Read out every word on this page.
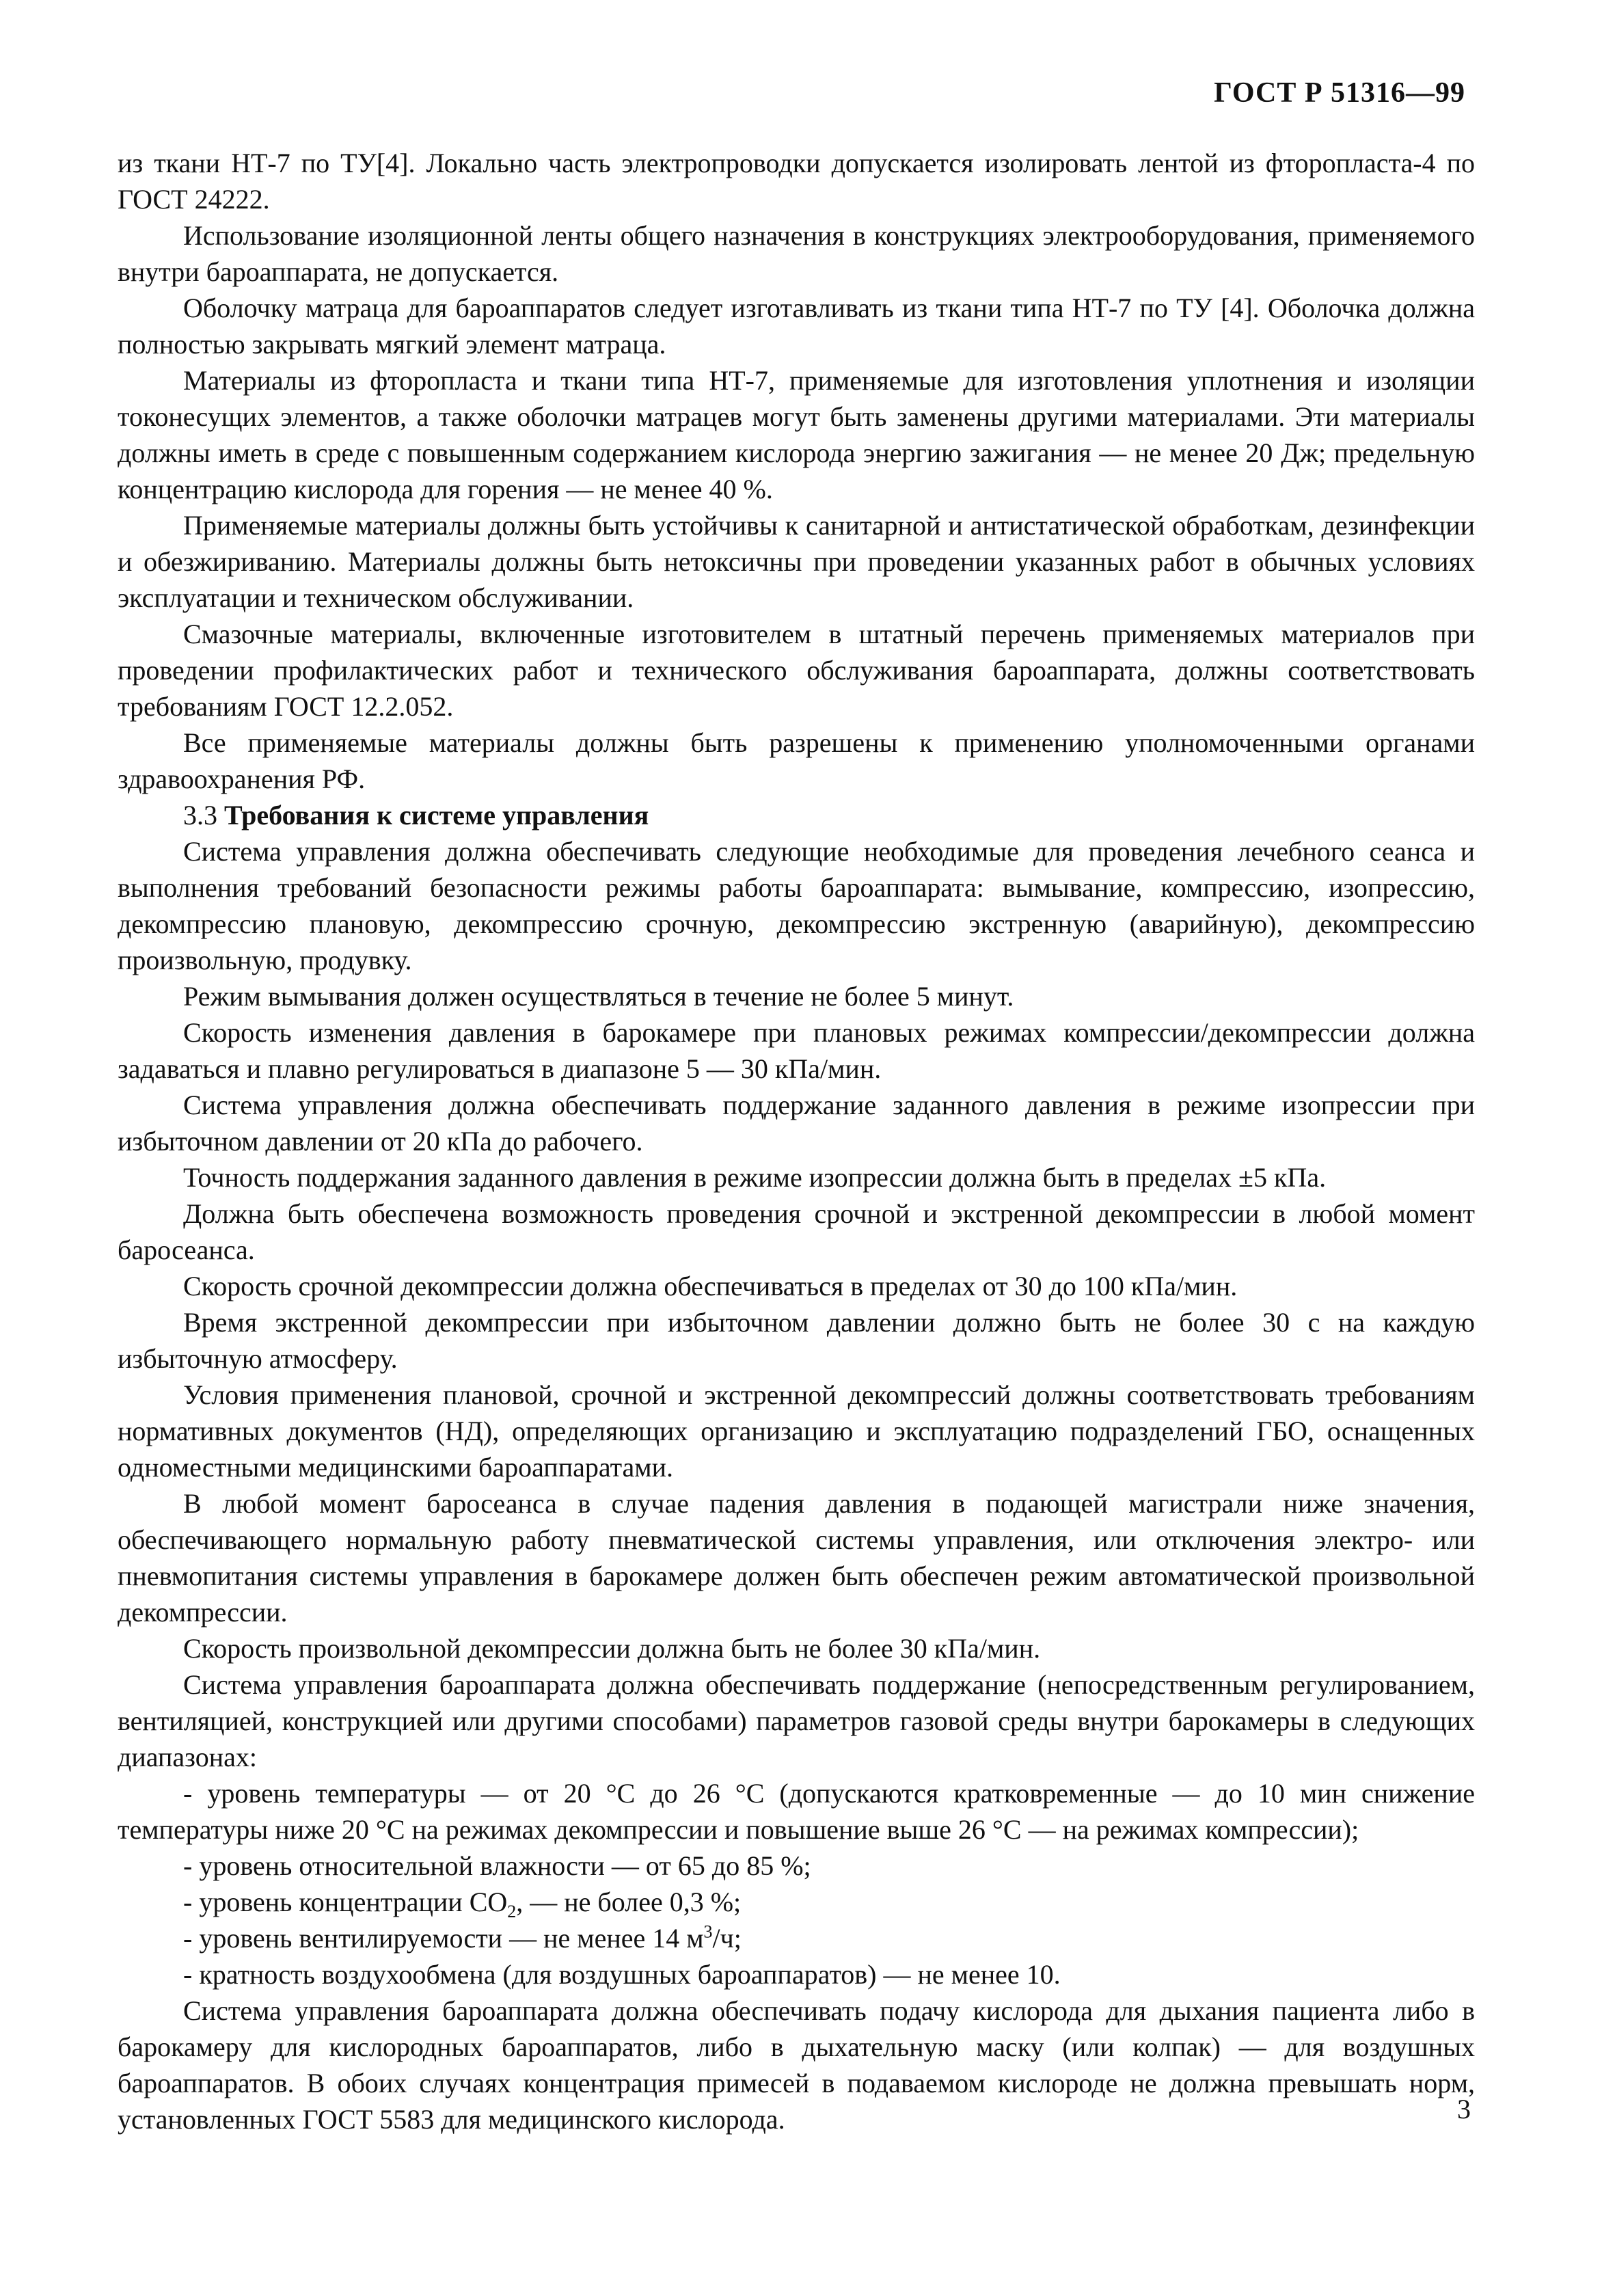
ГОСТ Р 51316—99

из ткани НТ-7 по ТУ[4]. Локально часть электропроводки допускается изолировать лентой из фторопласта-4 по ГОСТ 24222.

Использование изоляционной ленты общего назначения в конструкциях электрооборудования, применяемого внутри бароаппарата, не допускается.

Оболочку матраца для бароаппаратов следует изготавливать из ткани типа НТ-7 по ТУ [4]. Оболочка должна полностью закрывать мягкий элемент матраца.

Материалы из фторопласта и ткани типа НТ-7, применяемые для изготовления уплотнения и изоляции токонесущих элементов, а также оболочки матрацев могут быть заменены другими материалами. Эти материалы должны иметь в среде с повышенным содержанием кислорода энергию зажигания — не менее 20 Дж; предельную концентрацию кислорода для горения — не менее 40 %.

Применяемые материалы должны быть устойчивы к санитарной и антистатической обработкам, дезинфекции и обезжириванию. Материалы должны быть нетоксичны при проведении указанных работ в обычных условиях эксплуатации и техническом обслуживании.

Смазочные материалы, включенные изготовителем в штатный перечень применяемых материалов при проведении профилактических работ и технического обслуживания бароаппарата, должны соответствовать требованиям ГОСТ 12.2.052.

Все применяемые материалы должны быть разрешены к применению уполномоченными органами здравоохранения РФ.

3.3 Требования к системе управления

Система управления должна обеспечивать следующие необходимые для проведения лечебного сеанса и выполнения требований безопасности режимы работы бароаппарата: вымывание, компрессию, изопрессию, декомпрессию плановую, декомпрессию срочную, декомпрессию экстренную (аварийную), декомпрессию произвольную, продувку.

Режим вымывания должен осуществляться в течение не более 5 минут.

Скорость изменения давления в барокамере при плановых режимах компрессии/декомпрессии должна задаваться и плавно регулироваться в диапазоне 5 — 30 кПа/мин.

Система управления должна обеспечивать поддержание заданного давления в режиме изопрессии при избыточном давлении от 20 кПа до рабочего.

Точность поддержания заданного давления в режиме изопрессии должна быть в пределах ±5 кПа.

Должна быть обеспечена возможность проведения срочной и экстренной декомпрессии в любой момент баросеанса.

Скорость срочной декомпрессии должна обеспечиваться в пределах от 30 до 100 кПа/мин.

Время экстренной декомпрессии при избыточном давлении должно быть не более 30 с на каждую избыточную атмосферу.

Условия применения плановой, срочной и экстренной декомпрессий должны соответствовать требованиям нормативных документов (НД), определяющих организацию и эксплуатацию подразделений ГБО, оснащенных одноместными медицинскими бароаппаратами.

В любой момент баросеанса в случае падения давления в подающей магистрали ниже значения, обеспечивающего нормальную работу пневматической системы управления, или отключения электро- или пневмопитания системы управления в барокамере должен быть обеспечен режим автоматической произвольной декомпрессии.

Скорость произвольной декомпрессии должна быть не более 30 кПа/мин.

Система управления бароаппарата должна обеспечивать поддержание (непосредственным регулированием, вентиляцией, конструкцией или другими способами) параметров газовой среды внутри барокамеры в следующих диапазонах:

- уровень температуры — от 20 °С до 26 °С (допускаются кратковременные — до 10 мин снижение температуры ниже 20 °С на режимах декомпрессии и повышение выше 26 °С — на режимах компрессии);

- уровень относительной влажности — от 65 до 85 %;

- уровень концентрации $СО_2$, — не более 0,3 %;

- уровень вентилируемости — не менее 14 $м^3/ч$;

- кратность воздухообмена (для воздушных бароаппаратов) — не менее 10.

Система управления бароаппарата должна обеспечивать подачу кислорода для дыхания пациента либо в барокамеру для кислородных бароаппаратов, либо в дыхательную маску (или колпак) — для воздушных бароаппаратов. В обоих случаях концентрация примесей в подаваемом кислороде не должна превышать норм, установленных ГОСТ 5583 для медицинского кислорода.	3
